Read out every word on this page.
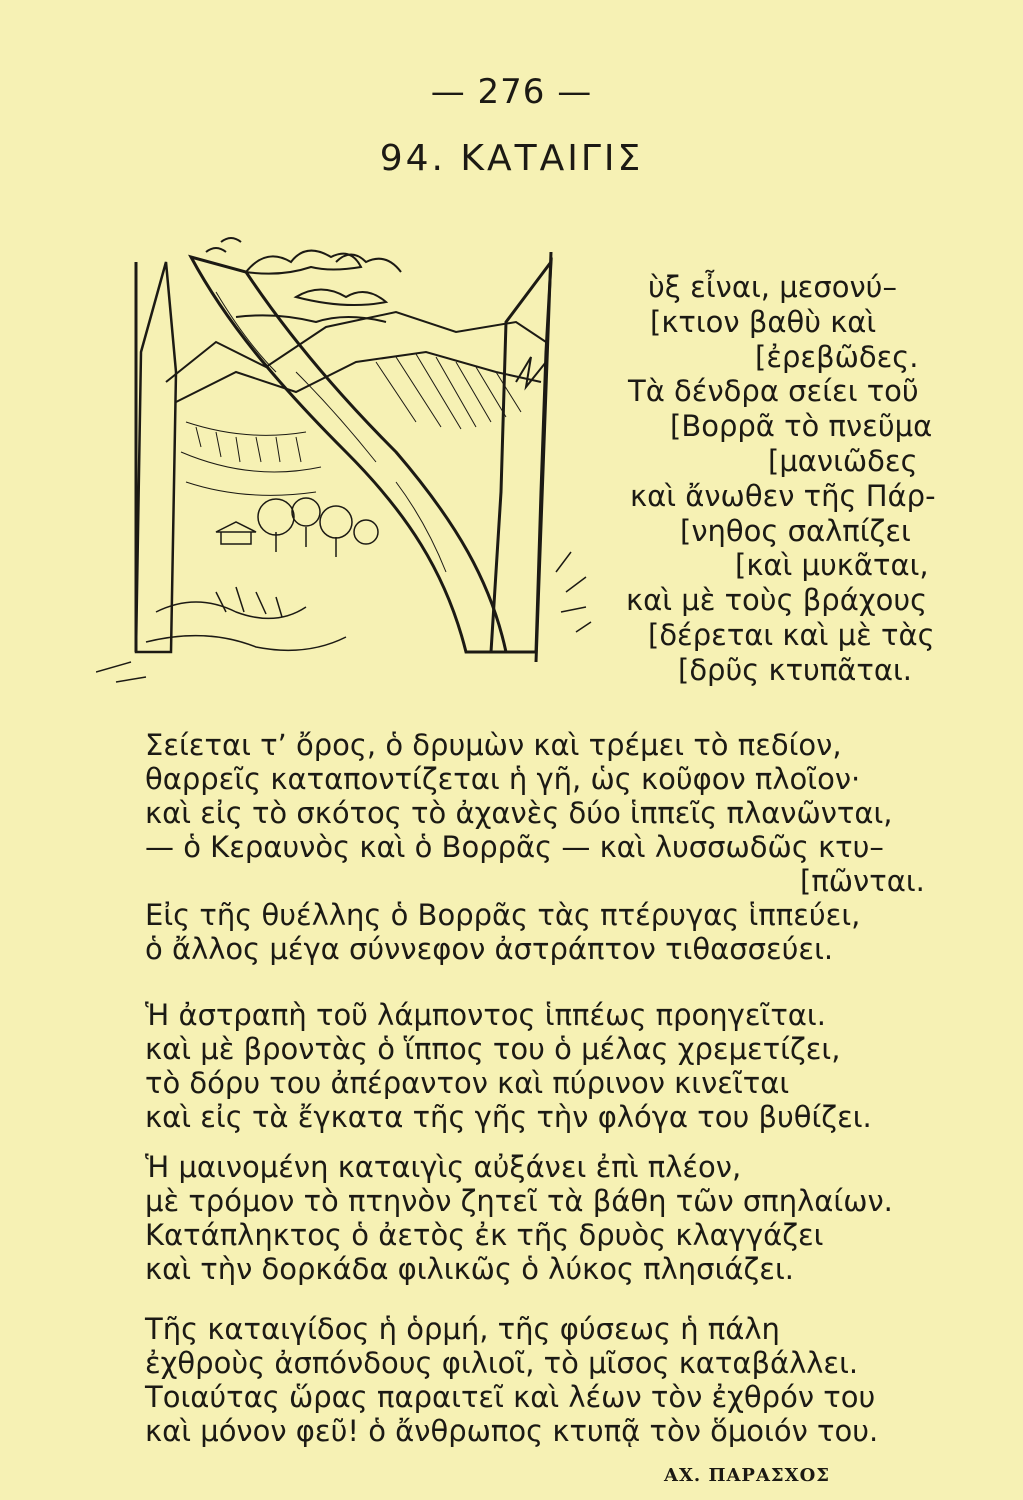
— 276 —
94. ΚΑΤΑΙΓΙΣ
ὺξ εἶναι, μεσονύ–
[κτιον βαθὺ καὶ
[ἐρεβῶδες.
Τὰ δένδρα σείει τοῦ
[Βορρᾶ τὸ πνεῦμα
[μανιῶδες
καὶ ἄνωθεν τῆς Πάρ-
[νηθος σαλπίζει
[καὶ μυκᾶται,
καὶ μὲ τοὺς βράχους
[δέρεται καὶ μὲ τὰς
[δρῦς κτυπᾶται.
Σείεται τ’ ὄρος, ὁ δρυμὼν καὶ τρέμει τὸ πεδίον,
θαρρεῖς καταποντίζεται ἡ γῆ, ὡς κοῦφον πλοῖον·
καὶ εἰς τὸ σκότος τὸ ἀχανὲς δύο ἱππεῖς πλανῶνται,
— ὁ Κεραυνὸς καὶ ὁ Βορρᾶς — καὶ λυσσωδῶς κτυ–
[πῶνται.
Εἰς τῆς θυέλλης ὁ Βορρᾶς τὰς πτέρυγας ἱππεύει,
ὁ ἄλλος μέγα σύννεφον ἀστράπτον τιθασσεύει.
Ἡ ἀστραπὴ τοῦ λάμποντος ἱππέως προηγεῖται.
καὶ μὲ βροντὰς ὁ ἵππος του ὁ μέλας χρεμετίζει,
τὸ δόρυ του ἀπέραντον καὶ πύρινον κινεῖται
καὶ εἰς τὰ ἔγκατα τῆς γῆς τὴν φλόγα του βυθίζει.
Ἡ μαινομένη καταιγὶς αὐξάνει ἐπὶ πλέον,
μὲ τρόμον τὸ πτηνὸν ζητεῖ τὰ βάθη τῶν σπηλαίων.
Κατάπληκτος ὁ ἀετὸς ἐκ τῆς δρυὸς κλαγγάζει
καὶ τὴν δορκάδα φιλικῶς ὁ λύκος πλησιάζει.
Τῆς καταιγίδος ἡ ὁρμή, τῆς φύσεως ἡ πάλη
ἐχθροὺς ἀσπόνδους φιλιοῖ, τὸ μῖσος καταβάλλει.
Τοιαύτας ὥρας παραιτεῖ καὶ λέων τὸν ἐχθρόν του
καὶ μόνον φεῦ! ὁ ἄνθρωπος κτυπᾷ τὸν ὅμοιόν του.
ΑΧ. ΠΑΡΑΣΧΟΣ
